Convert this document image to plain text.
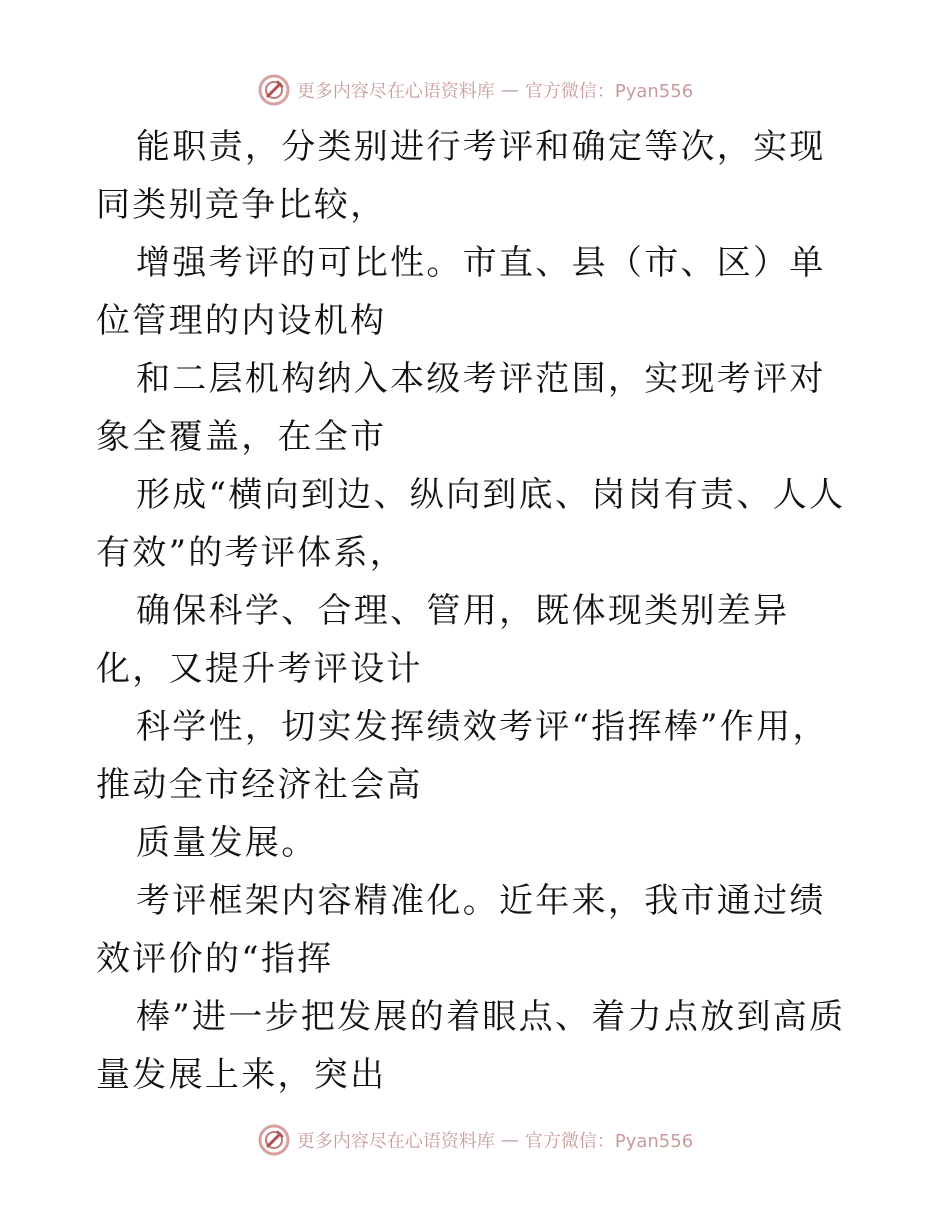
更多内容尽在心语资料库 — 官方微信：Pyan556

能职责，分类别进行考评和确定等次，实现同类别竞争比较，

增强考评的可比性。市直、县（市、区）单位管理的内设机构

和二层机构纳入本级考评范围，实现考评对象全覆盖，在全市

形成“横向到边、纵向到底、岗岗有责、人人有效”的考评体系，

确保科学、合理、管用，既体现类别差异化，又提升考评设计

科学性，切实发挥绩效考评“指挥棒”作用，推动全市经济社会高

质量发展。

考评框架内容精准化。近年来，我市通过绩效评价的“指挥

棒”进一步把发展的着眼点、着力点放到高质量发展上来，突出

更多内容尽在心语资料库 — 官方微信：Pyan556
